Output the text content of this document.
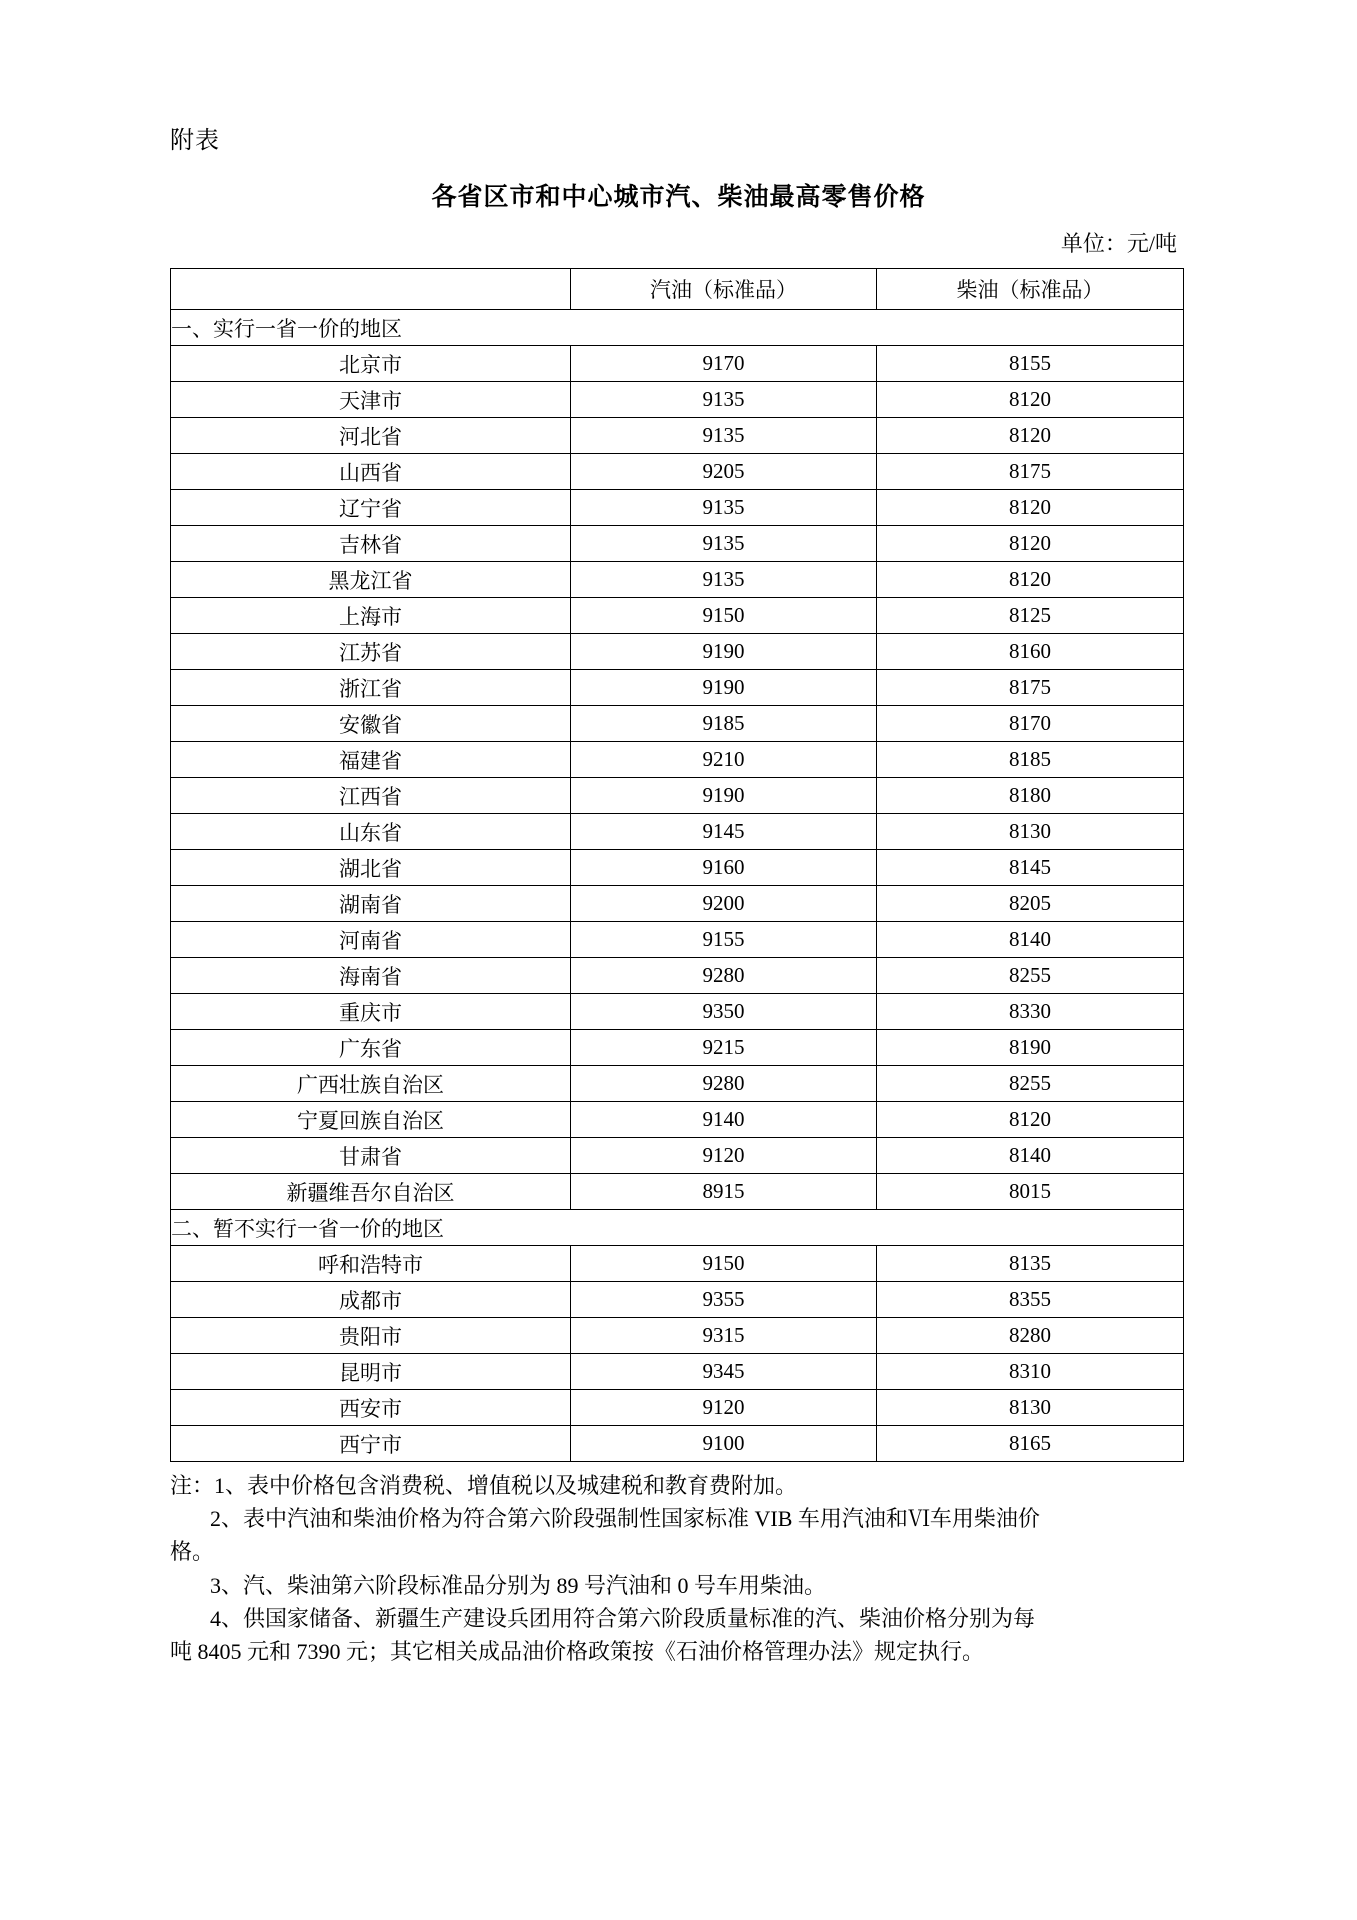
附表
各省区市和中心城市汽、柴油最高零售价格
单位：元/吨
	汽油（标准品）	柴油（标准品）
一、实行一省一价的地区		
北京市	9170	8155
天津市	9135	8120
河北省	9135	8120
山西省	9205	8175
辽宁省	9135	8120
吉林省	9135	8120
黑龙江省	9135	8120
上海市	9150	8125
江苏省	9190	8160
浙江省	9190	8175
安徽省	9185	8170
福建省	9210	8185
江西省	9190	8180
山东省	9145	8130
湖北省	9160	8145
湖南省	9200	8205
河南省	9155	8140
海南省	9280	8255
重庆市	9350	8330
广东省	9215	8190
广西壮族自治区	9280	8255
宁夏回族自治区	9140	8120
甘肃省	9120	8140
新疆维吾尔自治区	8915	8015
二、暂不实行一省一价的地区		
呼和浩特市	9150	8135
成都市	9355	8355
贵阳市	9315	8280
昆明市	9345	8310
西安市	9120	8130
西宁市	9100	8165

注：1、表中价格包含消费税、增值税以及城建税和教育费附加。

2、表中汽油和柴油价格为符合第六阶段强制性国家标准 VIB 车用汽油和Ⅵ车用柴油价

格。

3、汽、柴油第六阶段标准品分别为 89 号汽油和 0 号车用柴油。

4、供国家储备、新疆生产建设兵团用符合第六阶段质量标准的汽、柴油价格分别为每

吨 8405 元和 7390 元；其它相关成品油价格政策按《石油价格管理办法》规定执行。
